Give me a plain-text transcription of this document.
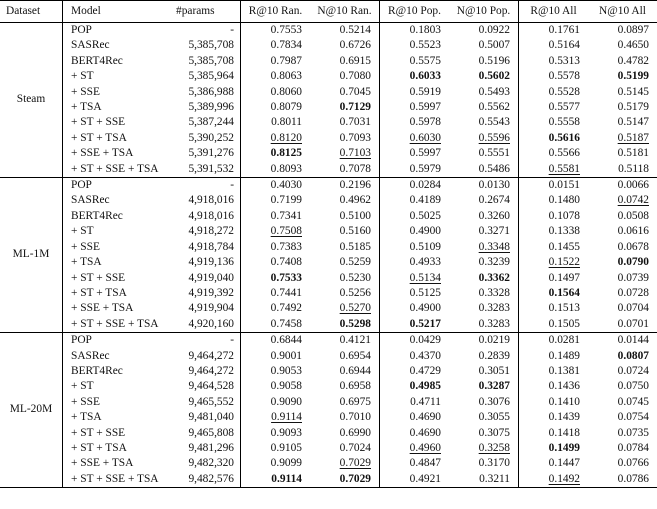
Dataset	Model	#params	R@10 Ran.	N@10 Ran.	R@10 Pop.	N@10 Pop.	R@10 All	N@10 All
Steam	POP	-	0.7553	0.5214	0.1803	0.0922	0.1761	0.0897
	SASRec	5,385,708	0.7834	0.6726	0.5523	0.5007	0.5164	0.4650
	BERT4Rec	5,385,708	0.7987	0.6915	0.5575	0.5196	0.5313	0.4782
	+ ST	5,385,964	0.8063	0.7080	0.6033	0.5602	0.5578	0.5199
	+ SSE	5,386,988	0.8060	0.7045	0.5919	0.5493	0.5528	0.5145
	+ TSA	5,389,996	0.8079	0.7129	0.5997	0.5562	0.5577	0.5179
	+ ST + SSE	5,387,244	0.8011	0.7031	0.5978	0.5543	0.5558	0.5147
	+ ST + TSA	5,390,252	0.8120	0.7093	0.6030	0.5596	0.5616	0.5187
	+ SSE + TSA	5,391,276	0.8125	0.7103	0.5997	0.5551	0.5566	0.5181
	+ ST + SSE + TSA	5,391,532	0.8093	0.7078	0.5979	0.5486	0.5581	0.5118
ML-1M	POP	-	0.4030	0.2196	0.0284	0.0130	0.0151	0.0066
	SASRec	4,918,016	0.7199	0.4962	0.4189	0.2674	0.1480	0.0742
	BERT4Rec	4,918,016	0.7341	0.5100	0.5025	0.3260	0.1078	0.0508
	+ ST	4,918,272	0.7508	0.5160	0.4900	0.3271	0.1338	0.0616
	+ SSE	4,918,784	0.7383	0.5185	0.5109	0.3348	0.1455	0.0678
	+ TSA	4,919,136	0.7408	0.5259	0.4933	0.3239	0.1522	0.0790
	+ ST + SSE	4,919,040	0.7533	0.5230	0.5134	0.3362	0.1497	0.0739
	+ ST + TSA	4,919,392	0.7441	0.5256	0.5125	0.3328	0.1564	0.0728
	+ SSE + TSA	4,919,904	0.7492	0.5270	0.4900	0.3283	0.1513	0.0704
	+ ST + SSE + TSA	4,920,160	0.7458	0.5298	0.5217	0.3283	0.1505	0.0701
ML-20M	POP	-	0.6844	0.4121	0.0429	0.0219	0.0281	0.0144
	SASRec	9,464,272	0.9001	0.6954	0.4370	0.2839	0.1489	0.0807
	BERT4Rec	9,464,272	0.9053	0.6944	0.4729	0.3051	0.1381	0.0724
	+ ST	9,464,528	0.9058	0.6958	0.4985	0.3287	0.1436	0.0750
	+ SSE	9,465,552	0.9090	0.6975	0.4711	0.3076	0.1410	0.0745
	+ TSA	9,481,040	0.9114	0.7010	0.4690	0.3055	0.1439	0.0754
	+ ST + SSE	9,465,808	0.9093	0.6990	0.4690	0.3075	0.1418	0.0735
	+ ST + TSA	9,481,296	0.9105	0.7024	0.4960	0.3258	0.1499	0.0784
	+ SSE + TSA	9,482,320	0.9099	0.7029	0.4847	0.3170	0.1447	0.0766
	+ ST + SSE + TSA	9,482,576	0.9114	0.7029	0.4921	0.3211	0.1492	0.0786
